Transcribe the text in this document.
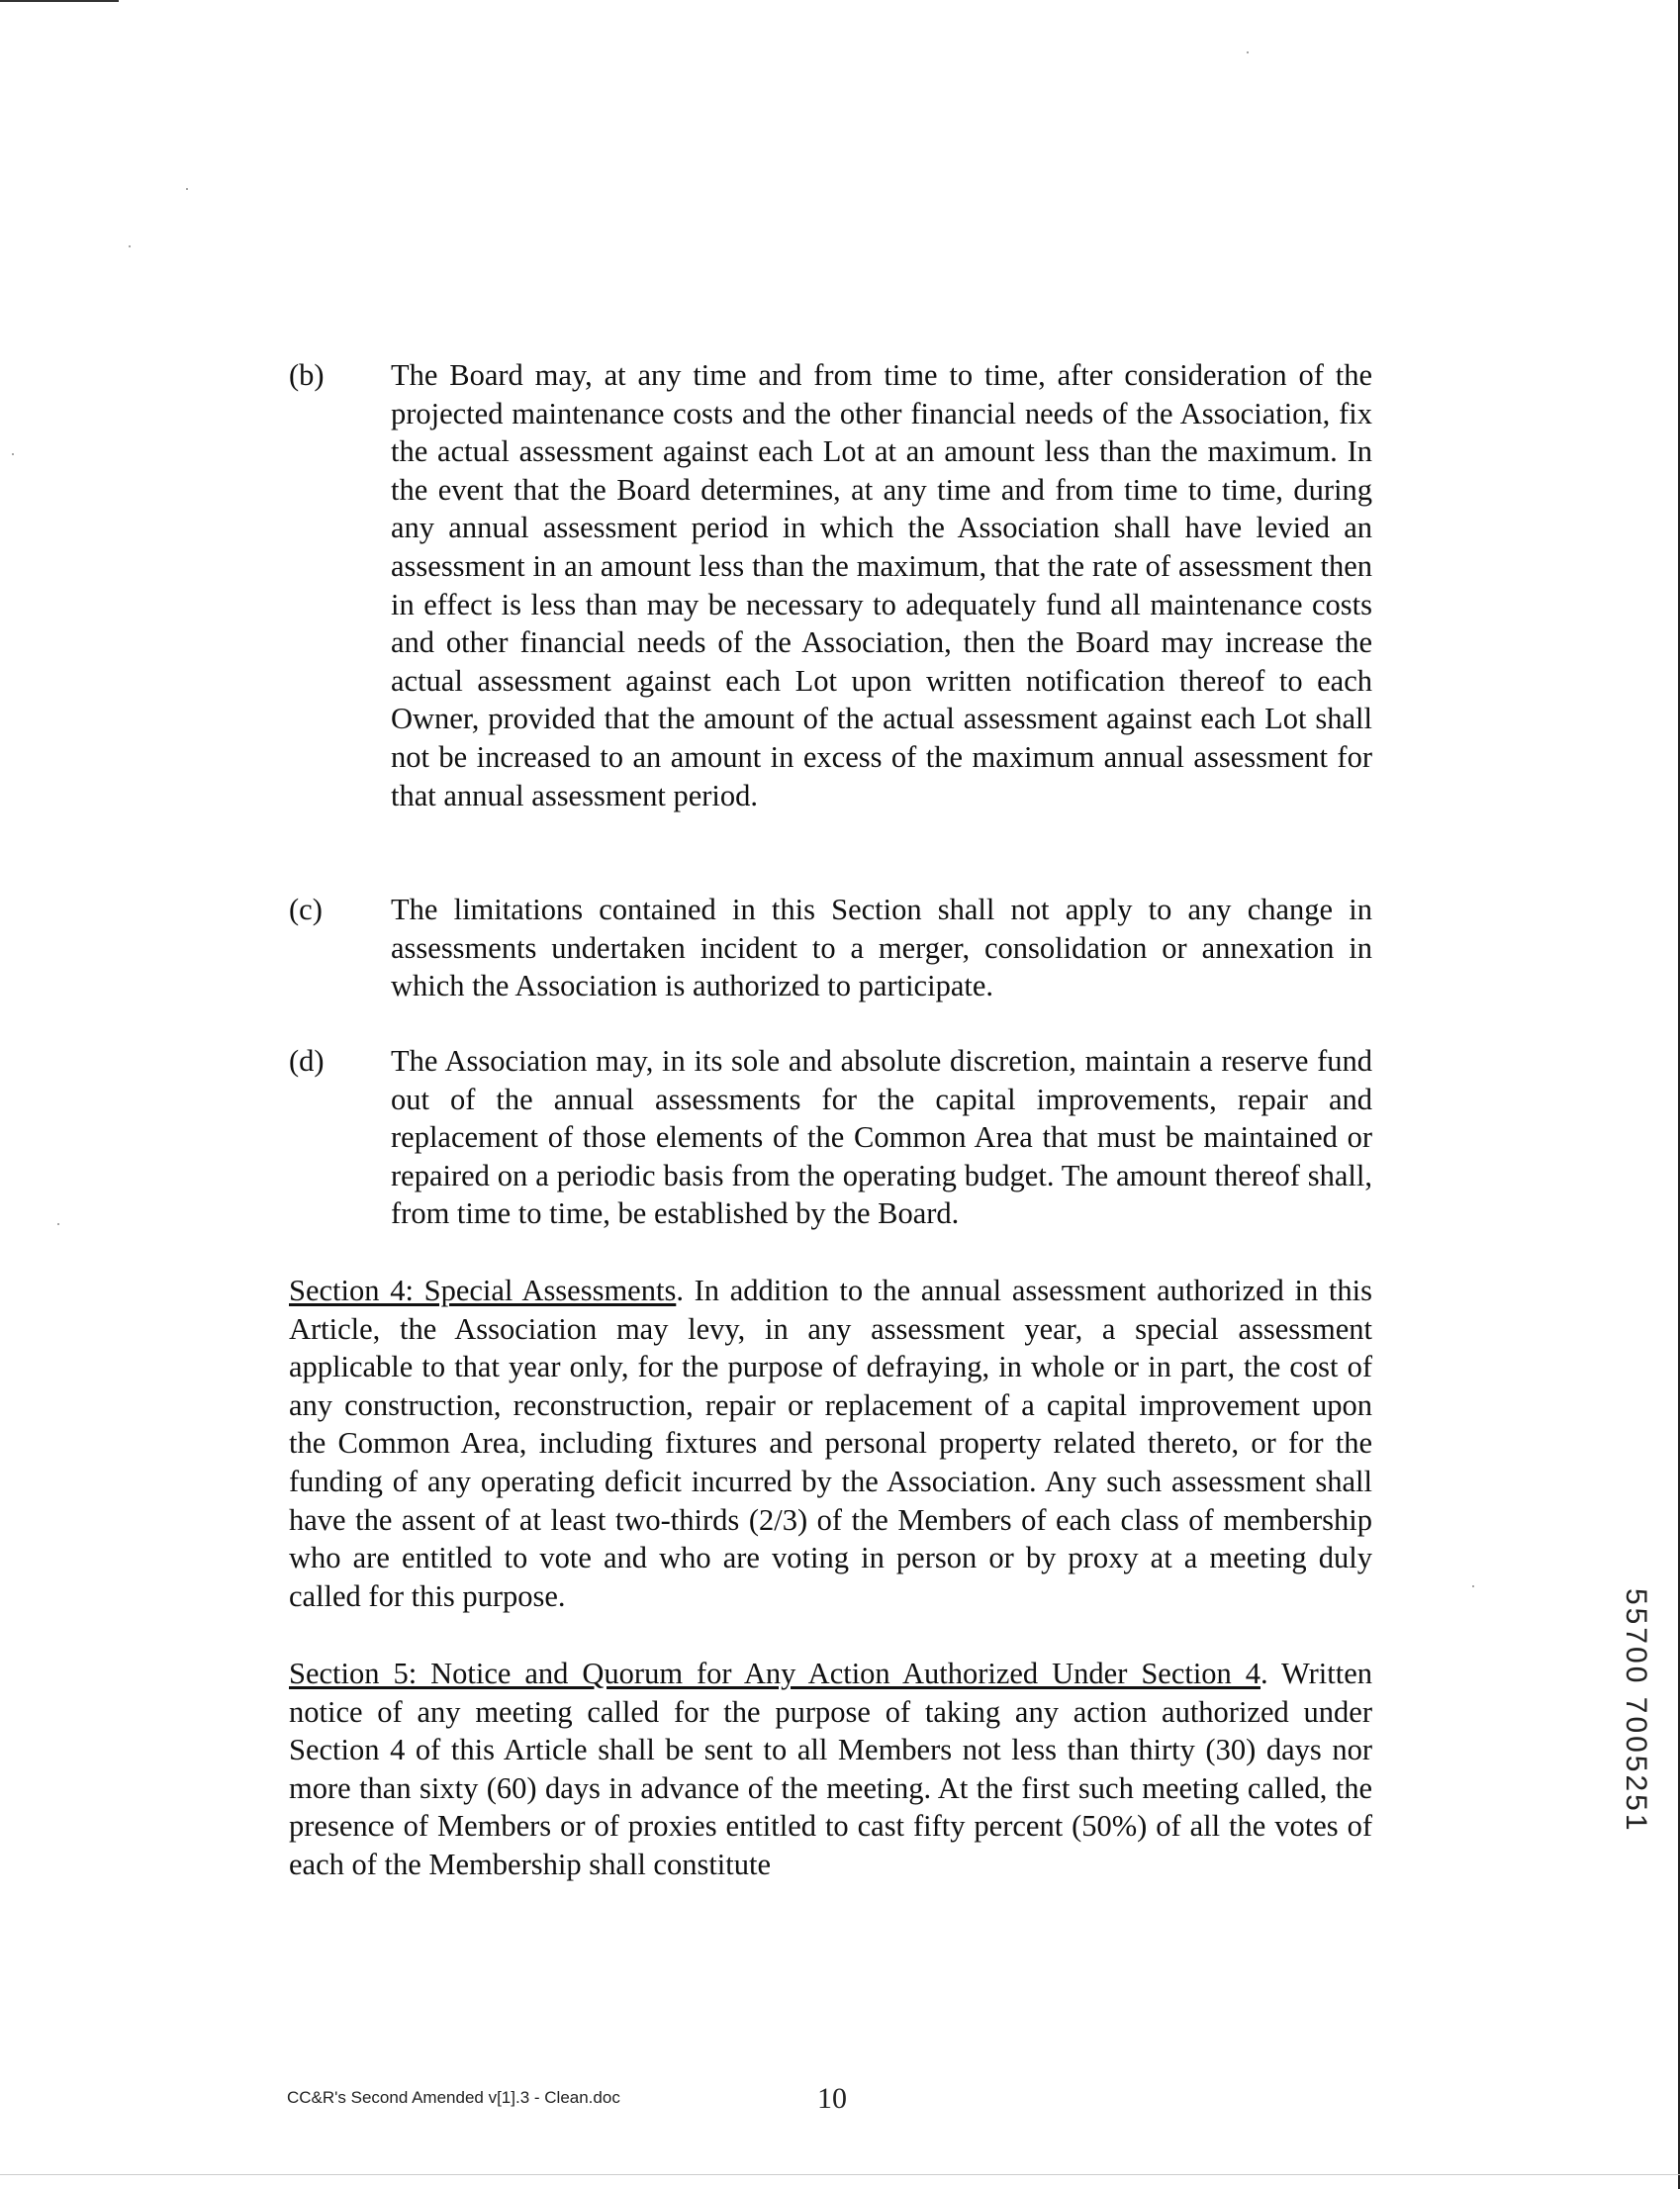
(b) The Board may, at any time and from time to time, after consideration of the projected maintenance costs and the other financial needs of the Association, fix the actual assessment against each Lot at an amount less than the maximum. In the event that the Board determines, at any time and from time to time, during any annual assessment period in which the Association shall have levied an assessment in an amount less than the maximum, that the rate of assessment then in effect is less than may be necessary to adequately fund all maintenance costs and other financial needs of the Association, then the Board may increase the actual assessment against each Lot upon written notification thereof to each Owner, provided that the amount of the actual assessment against each Lot shall not be increased to an amount in excess of the maximum annual assessment for that annual assessment period.
(c) The limitations contained in this Section shall not apply to any change in assessments undertaken incident to a merger, consolidation or annexation in which the Association is authorized to participate.
(d) The Association may, in its sole and absolute discretion, maintain a reserve fund out of the annual assessments for the capital improvements, repair and replacement of those elements of the Common Area that must be maintained or repaired on a periodic basis from the operating budget. The amount thereof shall, from time to time, be established by the Board.
Section 4: Special Assessments. In addition to the annual assessment authorized in this Article, the Association may levy, in any assessment year, a special assessment applicable to that year only, for the purpose of defraying, in whole or in part, the cost of any construction, reconstruction, repair or replacement of a capital improvement upon the Common Area, including fixtures and personal property related thereto, or for the funding of any operating deficit incurred by the Association. Any such assessment shall have the assent of at least two-thirds (2/3) of the Members of each class of membership who are entitled to vote and who are voting in person or by proxy at a meeting duly called for this purpose.
Section 5: Notice and Quorum for Any Action Authorized Under Section 4. Written notice of any meeting called for the purpose of taking any action authorized under Section 4 of this Article shall be sent to all Members not less than thirty (30) days nor more than sixty (60) days in advance of the meeting. At the first such meeting called, the presence of Members or of proxies entitled to cast fifty percent (50%) of all the votes of each of the Membership shall constitute
CC&R's Second Amended v[1].3 - Clean.doc	10
55700 7005251
